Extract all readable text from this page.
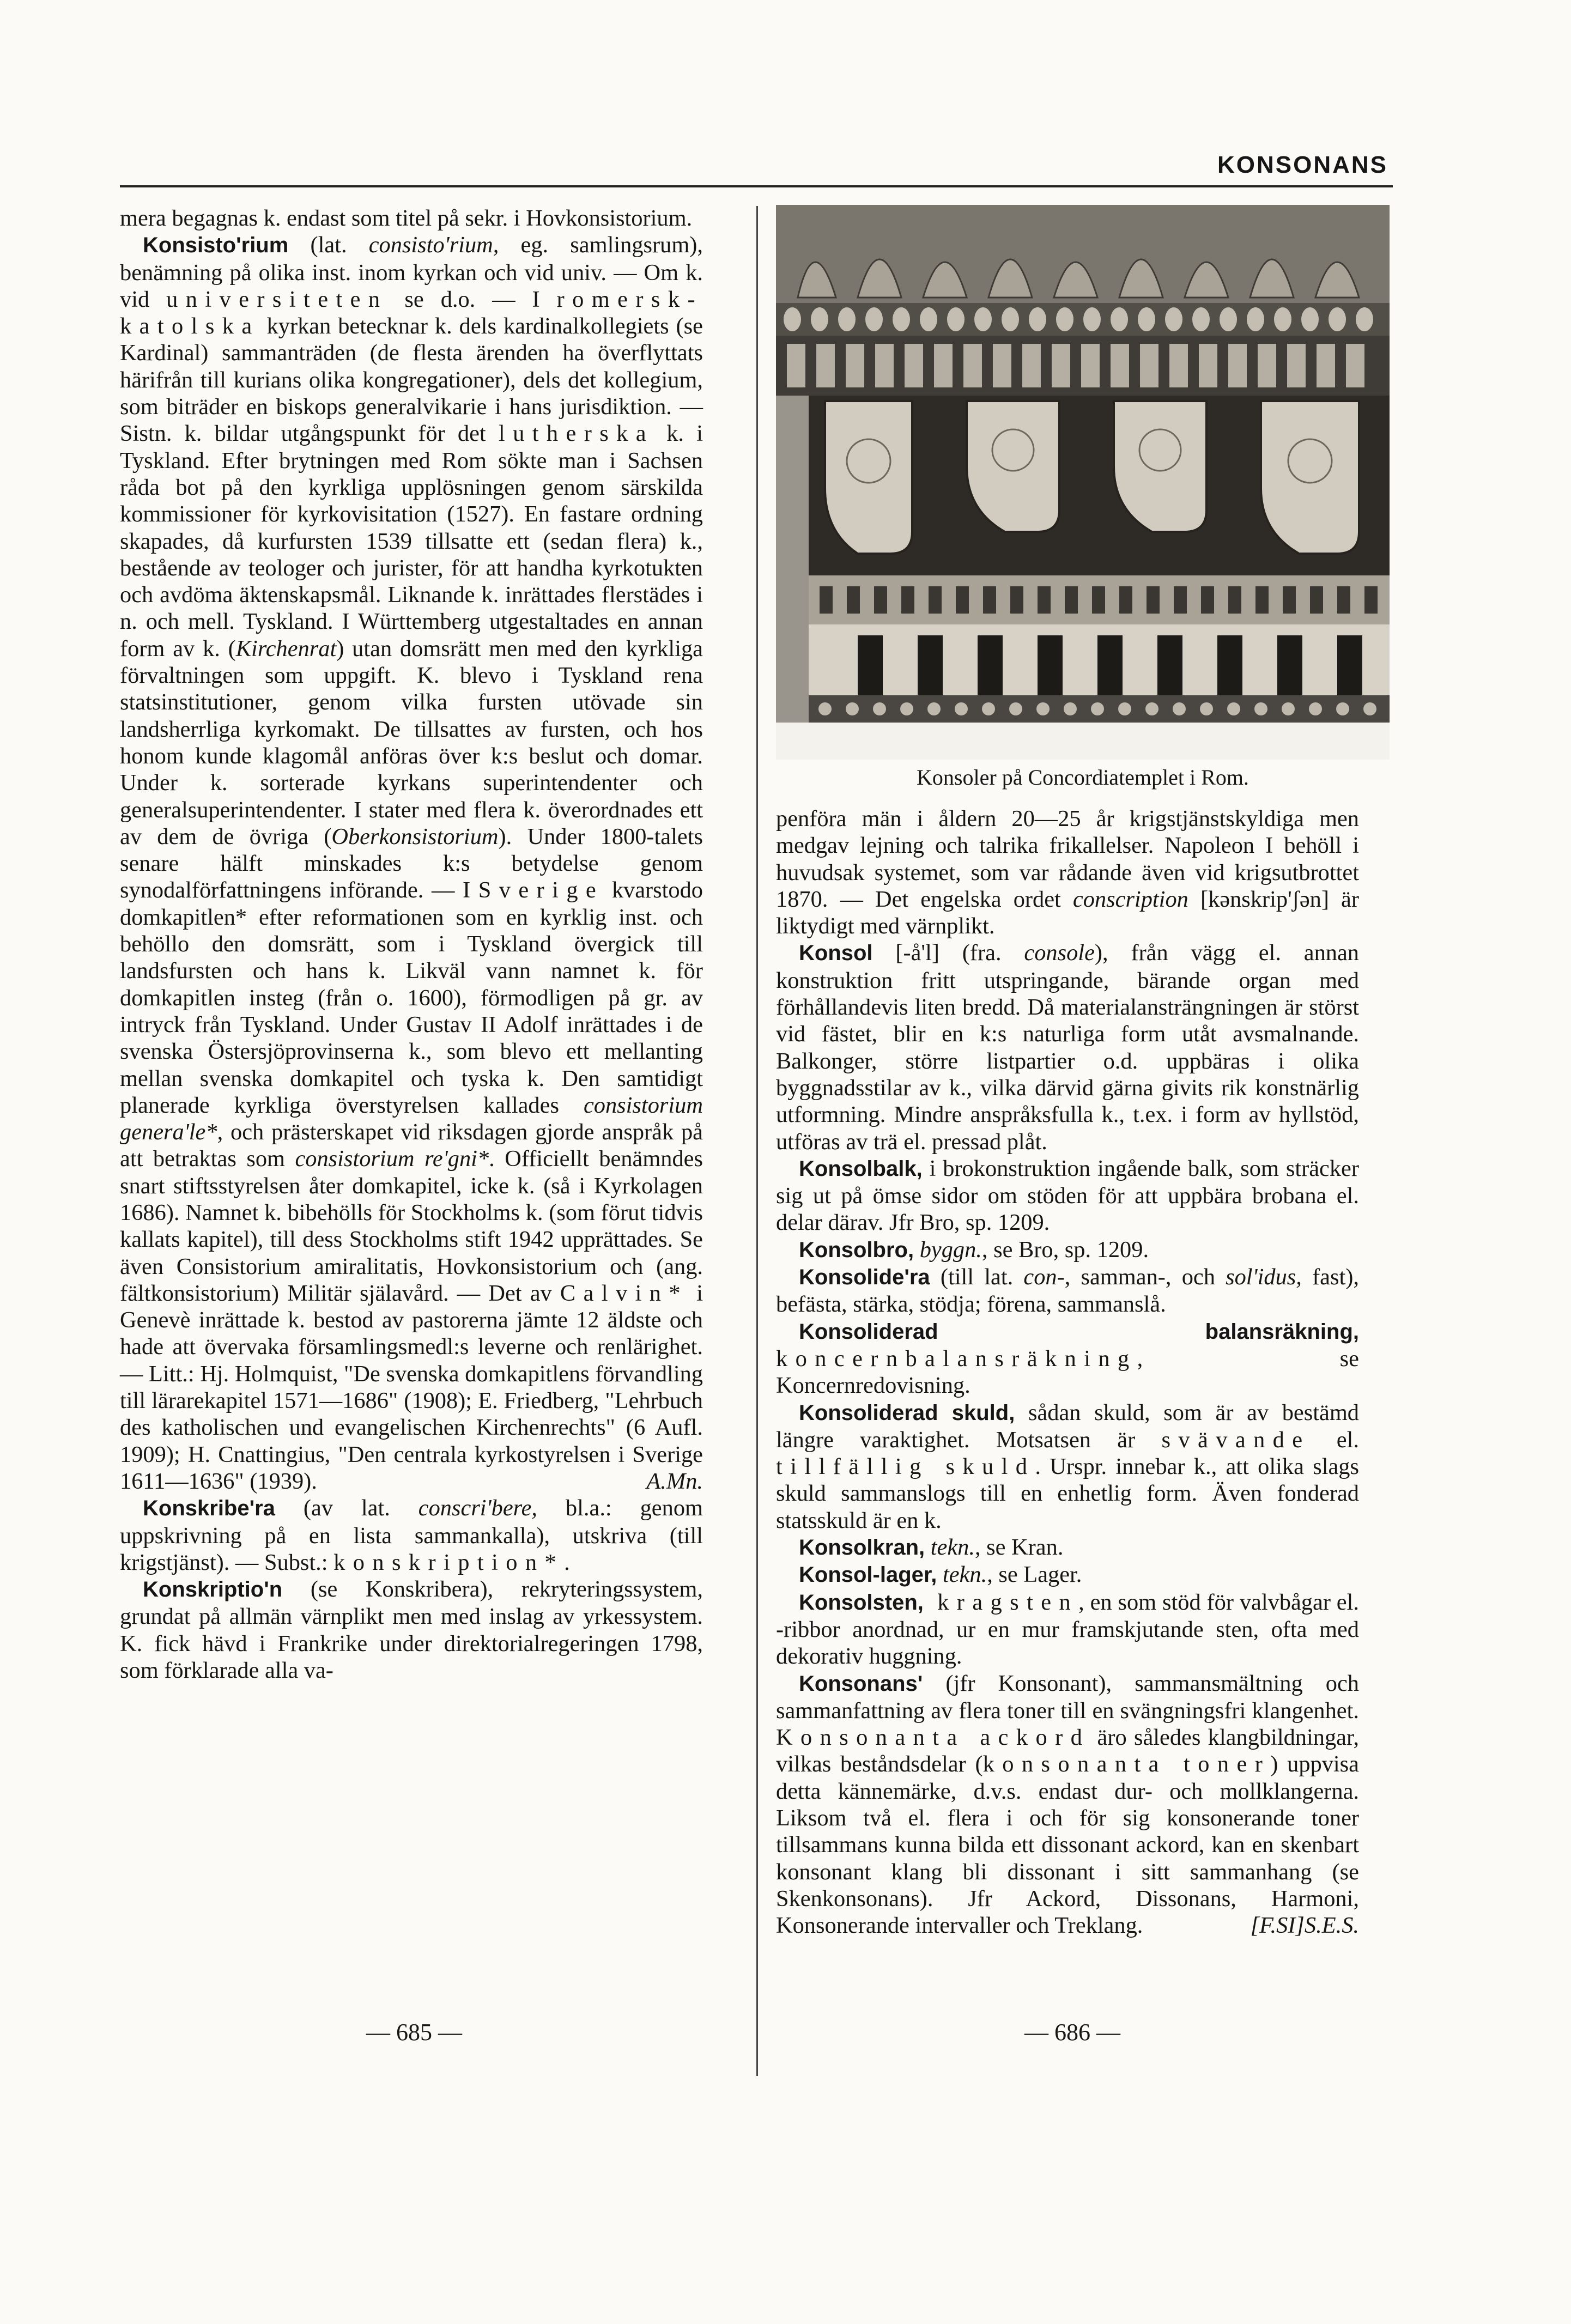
KONSONANS

mera begagnas k. endast som titel på sekr. i Hovkonsistorium.

Konsisto'rium (lat. consisto'rium, eg. samlingsrum), benämning på olika inst. inom kyrkan och vid univ. — Om k. vid universiteten se d.o. — I romersk-katolska kyrkan betecknar k. dels kardinalkollegiets (se Kardinal) sammanträden (de flesta ärenden ha överflyttats härifrån till kurians olika kongregationer), dels det kollegium, som biträder en biskops generalvikarie i hans jurisdiktion. — Sistn. k. bildar utgångspunkt för det lutherska k. i Tyskland. Efter brytningen med Rom sökte man i Sachsen råda bot på den kyrkliga upplösningen genom särskilda kommissioner för kyrkovisitation (1527). En fastare ordning skapades, då kurfursten 1539 tillsatte ett (sedan flera) k., bestående av teologer och jurister, för att handha kyrkotukten och avdöma äktenskapsmål. Liknande k. inrättades flerstädes i n. och mell. Tyskland. I Württemberg utgestaltades en annan form av k. (Kirchenrat) utan domsrätt men med den kyrkliga förvaltningen som uppgift. K. blevo i Tyskland rena statsinstitutioner, genom vilka fursten utövade sin landsherrliga kyrkomakt. De tillsattes av fursten, och hos honom kunde klagomål anföras över k:s beslut och domar. Under k. sorterade kyrkans superintendenter och generalsuperintendenter. I stater med flera k. överordnades ett av dem de övriga (Oberkonsistorium). Under 1800-talets senare hälft minskades k:s betydelse genom synodalförfattningens införande. — I Sverige kvarstodo domkapitlen* efter reformationen som en kyrklig inst. och behöllo den domsrätt, som i Tyskland övergick till landsfursten och hans k. Likväl vann namnet k. för domkapitlen insteg (från o. 1600), förmodligen på gr. av intryck från Tyskland. Under Gustav II Adolf inrättades i de svenska Östersjöprovinserna k., som blevo ett mellanting mellan svenska domkapitel och tyska k. Den samtidigt planerade kyrkliga överstyrelsen kallades consistorium genera'le*, och prästerskapet vid riksdagen gjorde anspråk på att betraktas som consistorium re'gni*. Officiellt benämndes snart stiftsstyrelsen åter domkapitel, icke k. (så i Kyrkolagen 1686). Namnet k. bibehölls för Stockholms k. (som förut tidvis kallats kapitel), till dess Stockholms stift 1942 upprättades. Se även Consistorium amiralitatis, Hovkonsistorium och (ang. fältkonsistorium) Militär själavård. — Det av Calvin* i Genevè inrättade k. bestod av pastorerna jämte 12 äldste och hade att övervaka församlingsmedl:s leverne och renlärighet. — Litt.: Hj. Holmquist, "De svenska domkapitlens förvandling till lärarekapitel 1571—1686" (1908); E. Friedberg, "Lehrbuch des katholischen und evangelischen Kirchenrechts" (6 Aufl. 1909); H. Cnattingius, "Den centrala kyrkostyrelsen i Sverige 1611—1636" (1939).	A.Mn.

Konskribe'ra (av lat. conscri'bere, bl.a.: genom uppskrivning på en lista sammankalla), utskriva (till krigstjänst). — Subst.: konskription*.

Konskriptio'n (se Konskribera), rekryteringssystem, grundat på allmän värnplikt men med inslag av yrkessystem. K. fick hävd i Frankrike under direktorialregeringen 1798, som förklarade alla va-

Konsoler på Concordiatemplet i Rom.

penföra män i åldern 20—25 år krigstjänstskyldiga men medgav lejning och talrika frikallelser. Napoleon I behöll i huvudsak systemet, som var rådande även vid krigsutbrottet 1870. — Det engelska ordet conscription [kənskrip'ʃən] är liktydigt med värnplikt.

Konsol [-å'l] (fra. console), från vägg el. annan konstruktion fritt utspringande, bärande organ med förhållandevis liten bredd. Då materialansträngningen är störst vid fästet, blir en k:s naturliga form utåt avsmalnande. Balkonger, större listpartier o.d. uppbäras i olika byggnadsstilar av k., vilka därvid gärna givits rik konstnärlig utformning. Mindre anspråksfulla k., t.ex. i form av hyllstöd, utföras av trä el. pressad plåt.

Konsolbalk, i brokonstruktion ingående balk, som sträcker sig ut på ömse sidor om stöden för att uppbära brobana el. delar därav. Jfr Bro, sp. 1209.

Konsolbro, byggn., se Bro, sp. 1209.

Konsolide'ra (till lat. con-, samman-, och sol'idus, fast), befästa, stärka, stödja; förena, sammanslå.

Konsoliderad balansräkning, koncernbalansräkning, se Koncernredovisning.

Konsoliderad skuld, sådan skuld, som är av bestämd längre varaktighet. Motsatsen är svävande el. tillfällig skuld. Urspr. innebar k., att olika slags skuld sammanslogs till en enhetlig form. Även fonderad statsskuld är en k.

Konsolkran, tekn., se Kran.

Konsol-lager, tekn., se Lager.

Konsolsten, kragsten, en som stöd för valvbågar el. -ribbor anordnad, ur en mur framskjutande sten, ofta med dekorativ huggning.

Konsonans' (jfr Konsonant), sammansmältning och sammanfattning av flera toner till en svängningsfri klangenhet. Konsonanta ackord äro således klangbildningar, vilkas beståndsdelar (konsonanta toner) uppvisa detta kännemärke, d.v.s. endast dur- och mollklangerna. Liksom två el. flera i och för sig konsonerande toner tillsammans kunna bilda ett dissonant ackord, kan en skenbart konsonant klang bli dissonant i sitt sammanhang (se Skenkonsonans). Jfr Ackord, Dissonans, Harmoni, Konsonerande intervaller och Treklang.	[F.SI]S.E.S.

— 685 —	— 686 —
